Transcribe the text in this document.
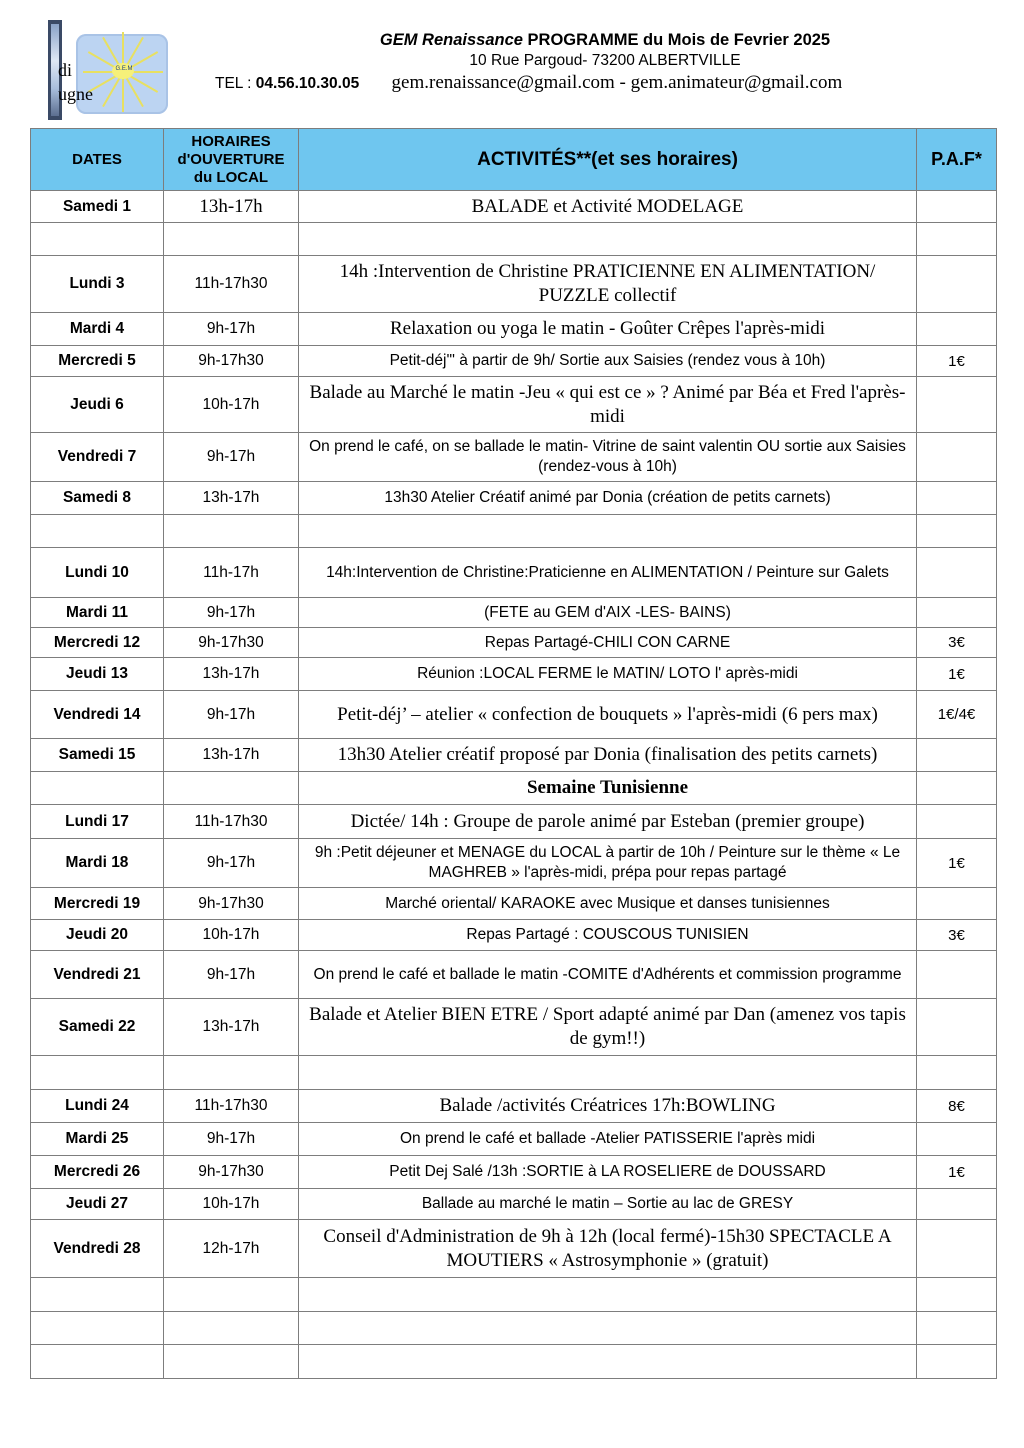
G.E.M
di
ugne
GEM Renaissance PROGRAMME du Mois de Fevrier 2025
10 Rue Pargoud- 73200 ALBERTVILLE
TEL : 04.56.10.30.05 gem.renaissance@gmail.com - gem.animateur@gmail.com
DATES	HORAIRES
d'OUVERTURE
du LOCAL	ACTIVITÉS**(et ses horaires)	P.A.F*
Samedi 1	13h-17h	BALADE et Activité MODELAGE	

Lundi 3	11h-17h30	14h :Intervention de Christine PRATICIENNE EN ALIMENTATION/ PUZZLE collectif	
Mardi 4	9h-17h	Relaxation ou yoga le matin - Goûter Crêpes l'après-midi	
Mercredi 5	9h-17h30	Petit-déj'" à partir de 9h/ Sortie aux Saisies (rendez vous à 10h)	1€
Jeudi 6	10h-17h	Balade au Marché le matin -Jeu « qui est ce » ? Animé par Béa et Fred l'après-midi	
Vendredi 7	9h-17h	On prend le café, on se ballade le matin- Vitrine de saint valentin OU sortie aux Saisies (rendez-vous à 10h)	
Samedi 8	13h-17h	13h30 Atelier Créatif animé par Donia (création de petits carnets)	

Lundi 10	11h-17h	14h:Intervention de Christine:Praticienne en ALIMENTATION / Peinture sur Galets	
Mardi 11	9h-17h	(FETE au GEM d'AIX -LES- BAINS)	
Mercredi 12	9h-17h30	Repas Partagé-CHILI CON CARNE	3€
Jeudi 13	13h-17h	Réunion :LOCAL FERME le MATIN/ LOTO l' après-midi	1€
Vendredi 14	9h-17h	Petit-déj’ – atelier « confection de bouquets » l'après-midi (6 pers max)	1€/4€
Samedi 15	13h-17h	13h30 Atelier créatif proposé par Donia (finalisation des petits carnets)	
		Semaine Tunisienne	
Lundi 17	11h-17h30	Dictée/ 14h : Groupe de parole animé par Esteban (premier groupe)	
Mardi 18	9h-17h	9h :Petit déjeuner et MENAGE du LOCAL à partir de 10h / Peinture sur le thème « Le MAGHREB » l'après-midi, prépa pour repas partagé	1€
Mercredi 19	9h-17h30	Marché oriental/ KARAOKE avec Musique et danses tunisiennes	
Jeudi 20	10h-17h	Repas Partagé : COUSCOUS TUNISIEN	3€
Vendredi 21	9h-17h	On prend le café et ballade le matin -COMITE d'Adhérents et commission programme	
Samedi 22	13h-17h	Balade et Atelier BIEN ETRE / Sport adapté animé par Dan (amenez vos tapis de gym!!)	

Lundi 24	11h-17h30	Balade /activités Créatrices 17h:BOWLING	8€
Mardi 25	9h-17h	On prend le café et ballade -Atelier PATISSERIE l'après midi	
Mercredi 26	9h-17h30	Petit Dej Salé /13h :SORTIE à LA ROSELIERE de DOUSSARD	1€
Jeudi 27	10h-17h	Ballade au marché le matin – Sortie au lac de GRESY	
Vendredi 28	12h-17h	Conseil d'Administration de 9h à 12h (local fermé)-15h30 SPECTACLE A MOUTIERS « Astrosymphonie » (gratuit)	
